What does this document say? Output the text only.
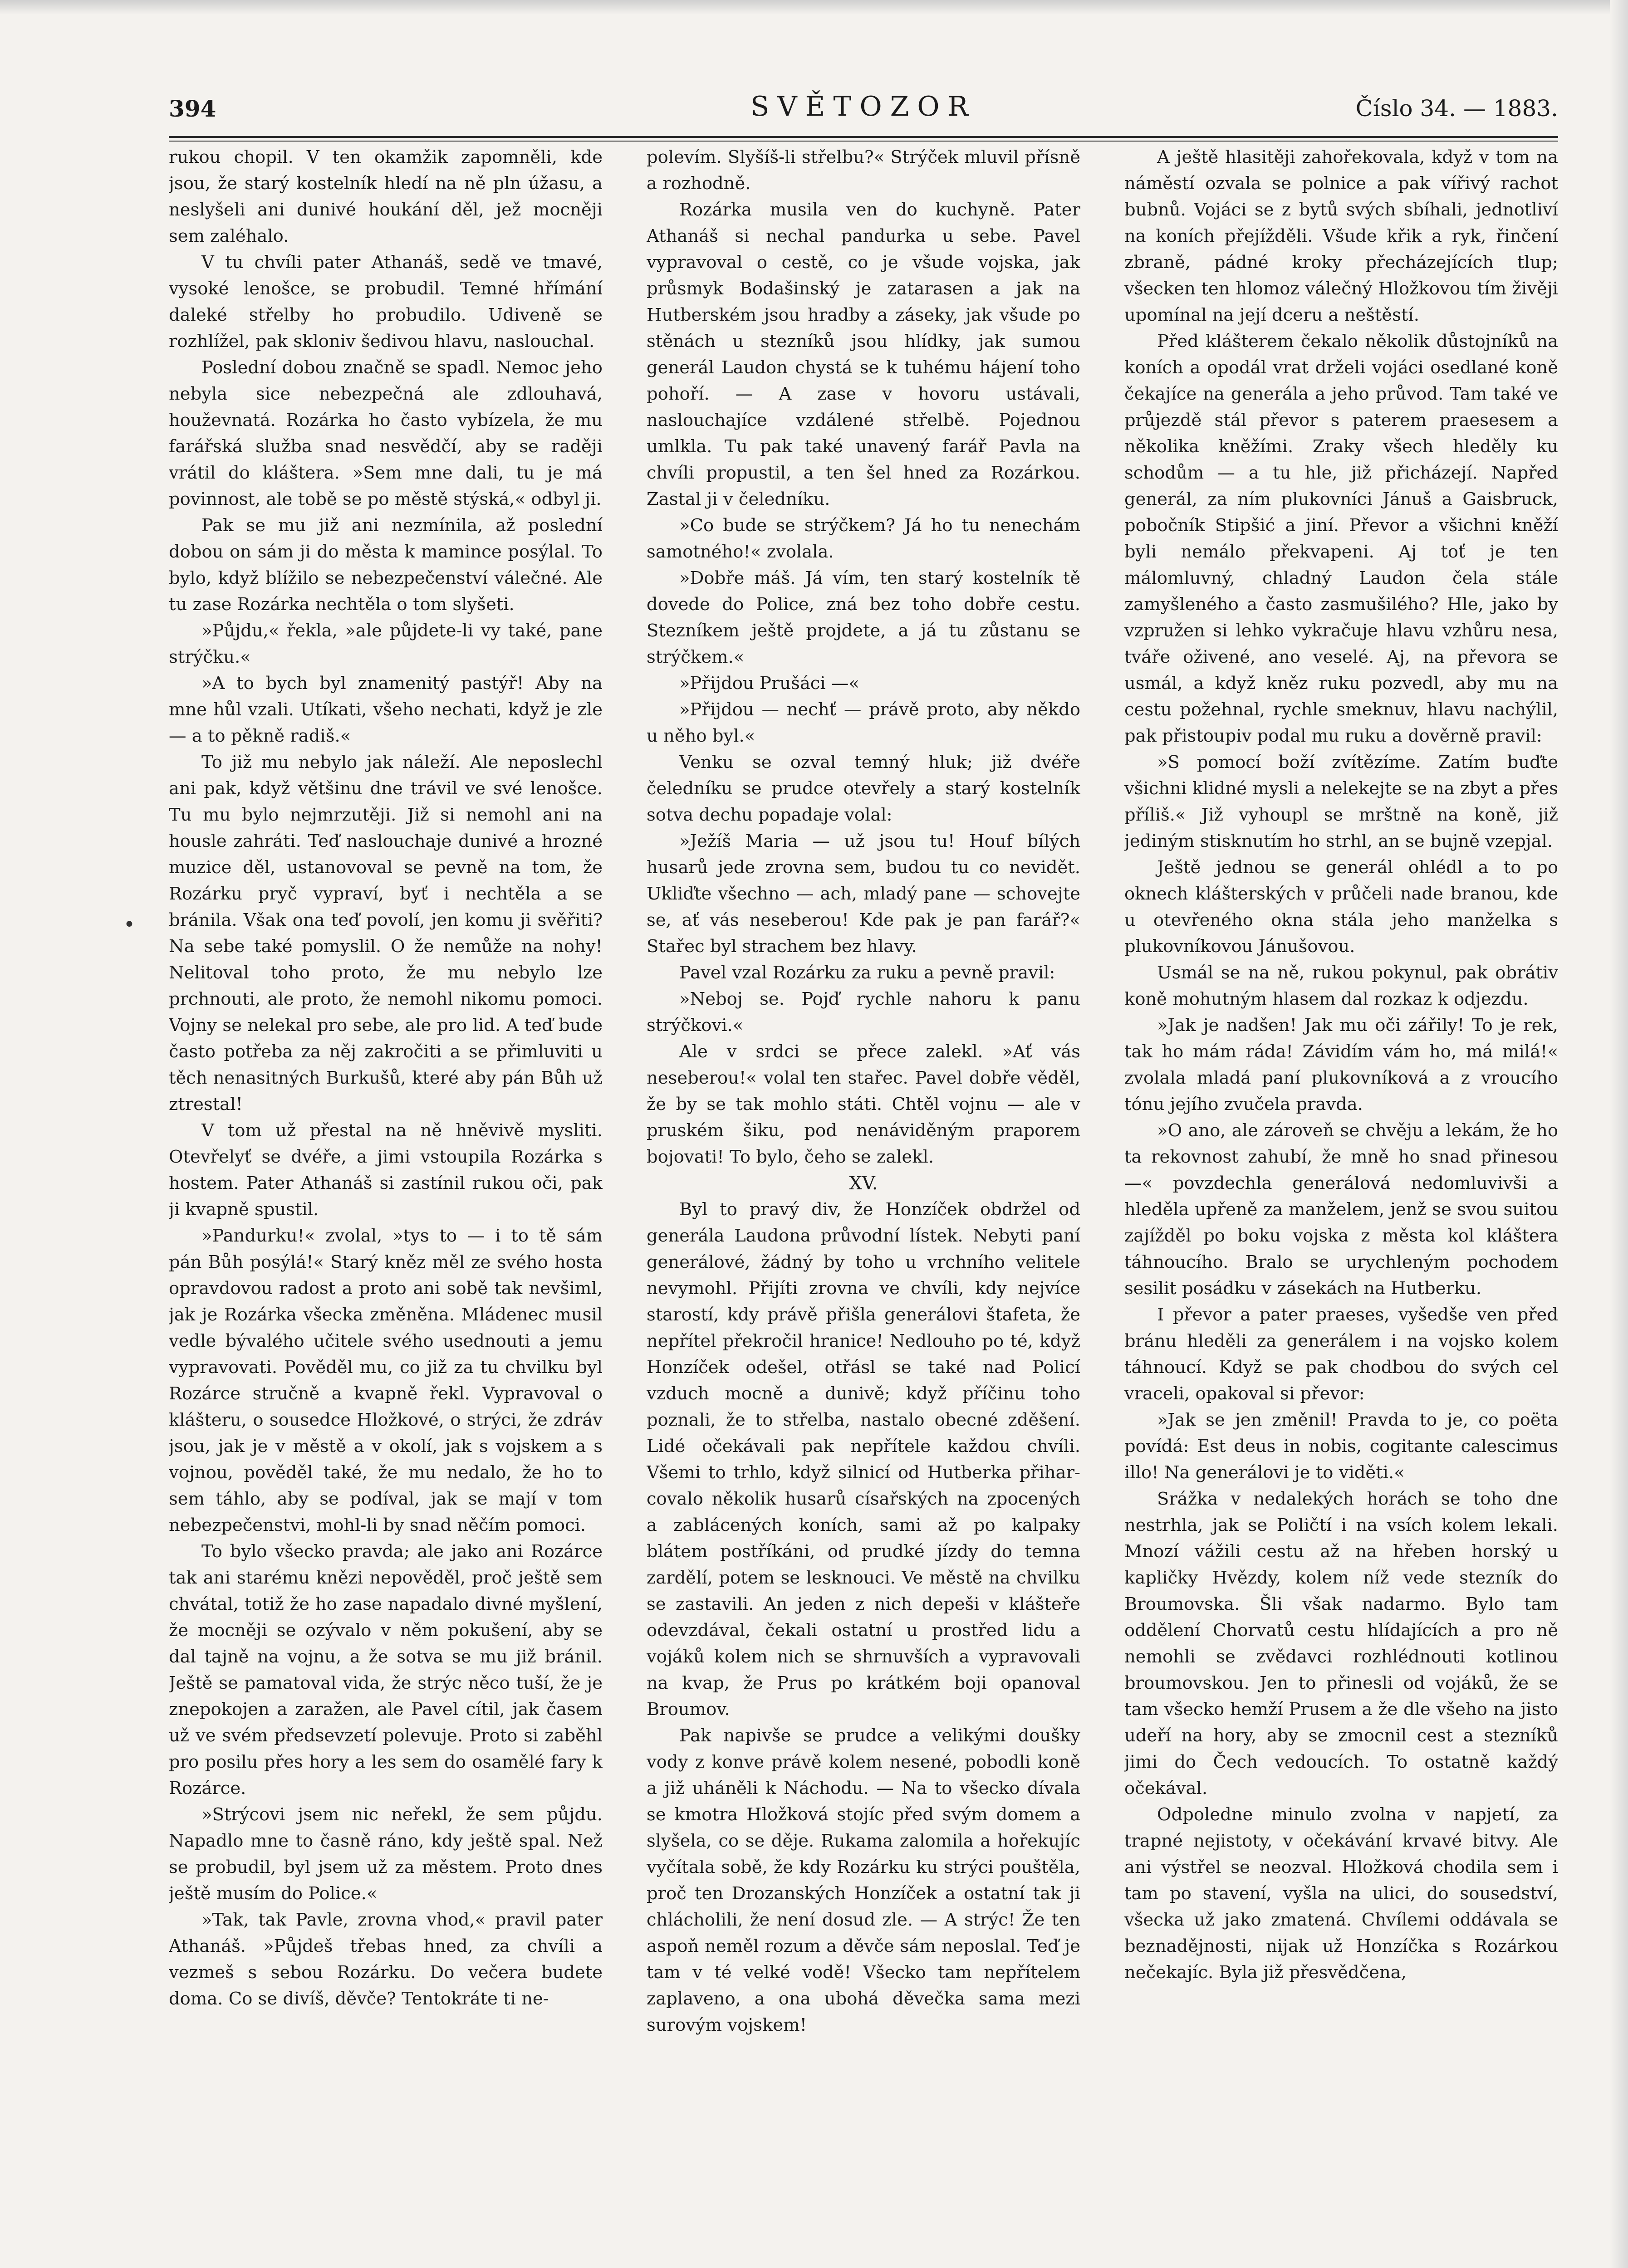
394	SVĚTOZOR	Číslo 34. — 1883.
•

rukou chopil. V ten okamžik zapomněli, kde jsou, že starý kostelník hledí na ně pln úžasu, a neslyšeli ani dunivé houkání děl, jež mocněji sem zaléhalo.

V tu chvíli pater Athanáš, sedě ve tmavé, vysoké lenošce, se probudil. Temné hřímání daleké střelby ho probudilo. Udiveně se rozhlížel, pak skloniv šedivou hlavu, naslouchal.

Poslední dobou značně se spadl. Nemoc jeho nebyla sice nebezpečná ale zdlouhavá, houževnatá. Rozárka ho často vybízela, že mu farářská služba snad nesvědčí, aby se raději vrátil do kláštera. »Sem mne dali, tu je má povinnost, ale tobě se po městě stýská,« odbyl ji.

Pak se mu již ani nezmínila, až poslední dobou on sám ji do města k mamince posýlal. To bylo, když blížilo se nebezpečenství válečné. Ale tu zase Rozárka nechtěla o tom slyšeti.

»Půjdu,« řekla, »ale půjdete-li vy také, pane strýčku.«

»A to bych byl znamenitý pastýř! Aby na mne hůl vzali. Utíkati, všeho nechati, když je zle — a to pěkně radiš.«

To již mu nebylo jak náleží. Ale neposlechl ani pak, když většinu dne trávil ve své lenošce. Tu mu bylo nejmrzutěji. Již si nemohl ani na housle zahráti. Teď naslouchaje dunivé a hrozné muzice děl, ustanovoval se pevně na tom, že Rozárku pryč vypraví, byť i nechtěla a se bránila. Však ona teď povolí, jen komu ji svěřiti? Na sebe také pomyslil. O že nemůže na nohy! Nelitoval toho proto, že mu nebylo lze prchnouti, ale proto, že nemohl nikomu pomoci. Vojny se nelekal pro sebe, ale pro lid. A teď bude často potřeba za něj zakročiti a se přimluviti u těch nenasitných Burkušů, které aby pán Bůh už ztrestal!

V tom už přestal na ně hněvivě mysliti. Otevřelyť se dvéře, a jimi vstoupila Rozárka s hostem. Pater Athanáš si zastínil rukou oči, pak ji kvapně spustil.

»Pandurku!« zvolal, »tys to — i to tě sám pán Bůh posýlá!« Starý kněz měl ze svého hosta opravdovou radost a proto ani sobě tak nevšiml, jak je Rozárka všecka změněna. Mládenec musil vedle bývalého učitele svého usednouti a jemu vypravovati. Pověděl mu, co již za tu chvilku byl Rozárce stručně a kvapně řekl. Vypravoval o klášteru, o sousedce Hložkové, o strýci, že zdráv jsou, jak je v městě a v okolí, jak s vojskem a s vojnou, pověděl také, že mu nedalo, že ho to sem táhlo, aby se podíval, jak se mají v tom nebezpečenstvi, mohl-li by snad něčím pomoci.

To bylo všecko pravda; ale jako ani Rozárce tak ani starému knězi nepověděl, proč ještě sem chvátal, totiž že ho zase napadalo divné myšlení, že mocněji se ozývalo v něm pokušení, aby se dal tajně na vojnu, a že sotva se mu již bránil. Ještě se pamatoval vida, že strýc něco tuší, že je znepokojen a zaražen, ale Pavel cítil, jak časem už ve svém předsevzetí polevuje. Proto si zaběhl pro posilu přes hory a les sem do osamělé fary k Rozárce.

»Strýcovi jsem nic neřekl, že sem půjdu. Napadlo mne to časně ráno, kdy ještě spal. Než se probudil, byl jsem už za městem. Proto dnes ještě musím do Police.«

»Tak, tak Pavle, zrovna vhod,« pravil pater Athanáš. »Půjdeš třebas hned, za chvíli a vezmeš s sebou Rozárku. Do večera budete doma. Co se divíš, děvče? Tentokráte ti ne-

polevím. Slyšíš-li střelbu?« Strýček mluvil přísně a rozhodně.

Rozárka musila ven do kuchyně. Pater Athanáš si nechal pandurka u sebe. Pavel vypravoval o cestě, co je všude vojska, jak průsmyk Bodašinský je zatarasen a jak na Hutberském jsou hradby a záseky, jak všude po stěnách u stezníků jsou hlídky, jak sumou generál Laudon chystá se k tuhému hájení toho pohoří. — A zase v hovoru ustávali, naslouchajíce vzdálené střelbě. Pojednou umlkla. Tu pak také unavený farář Pavla na chvíli propustil, a ten šel hned za Rozárkou. Zastal ji v čeledníku.

»Co bude se strýčkem? Já ho tu nenechám samotného!« zvolala.

»Dobře máš. Já vím, ten starý kostelník tě dovede do Police, zná bez toho dobře cestu. Stezníkem ještě projdete, a já tu zůstanu se strýčkem.«

»Přijdou Prušáci —«

»Přijdou — nechť — právě proto, aby někdo u něho byl.«

Venku se ozval temný hluk; již dvéře čeledníku se prudce otevřely a starý kostelník sotva dechu popadaje volal:

»Ježíš Maria — už jsou tu! Houf bílých husarů jede zrovna sem, budou tu co nevidět. Ukliďte všechno — ach, mladý pane — schovejte se, ať vás neseberou! Kde pak je pan farář?« Stařec byl strachem bez hlavy.

Pavel vzal Rozárku za ruku a pevně pravil:

»Neboj se. Pojď rychle nahoru k panu strýčkovi.«

Ale v srdci se přece zalekl. »Ať vás neseberou!« volal ten stařec. Pavel dobře věděl, že by se tak mohlo státi. Chtěl vojnu — ale v pruském šiku, pod nenáviděným praporem bojovati! To bylo, čeho se zalekl.

XV.

Byl to pravý div, že Honzíček obdržel od generála Laudona průvodní lístek. Nebyti paní generálové, žádný by toho u vrchního velitele nevymohl. Přijíti zrovna ve chvíli, kdy nejvíce starostí, kdy právě přišla generálovi štafeta, že nepřítel překročil hranice! Nedlouho po té, když Honzíček odešel, otřásl se také nad Policí vzduch mocně a dunivě; když příčinu toho poznali, že to střelba, nastalo obecné zděšení. Lidé očekávali pak nepřítele každou chvíli. Všemi to trhlo, když silnicí od Hutberka přiharcovalo několik husarů císařských na zpocených a zablácených koních, sami až po kalpaky blátem postříkáni, od prudké jízdy do temna zardělí, potem se lesknouci. Ve městě na chvilku se zastavili. An jeden z nich depeši v klášteře odevzdával, čekali ostatní u prostřed lidu a vojáků kolem nich se shrnuvších a vypravovali na kvap, že Prus po krátkém boji opanoval Broumov.

Pak napivše se prudce a velikými doušky vody z konve právě kolem nesené, pobodli koně a již uháněli k Náchodu. — Na to všecko dívala se kmotra Hložková stojíc před svým domem a slyšela, co se děje. Rukama zalomila a hořekujíc vyčítala sobě, že kdy Rozárku ku strýci pouštěla, proč ten Drozanských Honzíček a ostatní tak ji chlácholili, že není dosud zle. — A strýc! Že ten aspoň neměl rozum a děvče sám neposlal. Teď je tam v té velké vodě! Všecko tam nepřítelem zaplaveno, a ona ubohá děvečka sama mezi surovým vojskem!

A ještě hlasitěji zahořekovala, když v tom na náměstí ozvala se polnice a pak vířivý rachot bubnů. Vojáci se z bytů svých sbíhali, jednotliví na koních přejížděli. Všude křik a ryk, řinčení zbraně, pádné kroky přecházejících tlup; všecken ten hlomoz válečný Hložkovou tím živěji upomínal na její dceru a neštěstí.

Před klášterem čekalo několik důstojníků na koních a opodál vrat drželi vojáci osedlané koně čekajíce na generála a jeho průvod. Tam také ve průjezdě stál převor s paterem praesesem a několika kněžími. Zraky všech hleděly ku schodům — a tu hle, již přicházejí. Napřed generál, za ním plukovníci Jánuš a Gaisbruck, pobočník Stipšić a jiní. Převor a všichni kněží byli nemálo překvapeni. Aj toť je ten málomluvný, chladný Laudon čela stále zamyšleného a často zasmušilého? Hle, jako by vzpružen si lehko vykračuje hlavu vzhůru nesa, tváře oživené, ano veselé. Aj, na převora se usmál, a když kněz ruku pozvedl, aby mu na cestu požehnal, rychle smeknuv, hlavu nachýlil, pak přistoupiv podal mu ruku a dověrně pravil:

»S pomocí boží zvítězíme. Zatím buďte všichni klidné mysli a nelekejte se na zbyt a přes příliš.« Již vyhoupl se mrštně na koně, již jediným stisknutím ho strhl, an se bujně vzepjal.

Ještě jednou se generál ohlédl a to po oknech klášterských v průčeli nade branou, kde u otevřeného okna stála jeho manželka s plukovníkovou Jánušovou.

Usmál se na ně, rukou pokynul, pak obrátiv koně mohutným hlasem dal rozkaz k odjezdu.

»Jak je nadšen! Jak mu oči zářily! To je rek, tak ho mám ráda! Závidím vám ho, má milá!« zvolala mladá paní plukovníková a z vroucího tónu jejího zvučela pravda.

»O ano, ale zároveň se chvěju a lekám, že ho ta rekovnost zahubí, že mně ho snad přinesou —« povzdechla generálová nedomluvivši a hleděla upřeně za manželem, jenž se svou suitou zajížděl po boku vojska z města kol kláštera táhnoucího. Bralo se urychleným pochodem sesilit posádku v zásekách na Hutberku.

I převor a pater praeses, vyšedše ven před bránu hleděli za generálem i na vojsko kolem táhnoucí. Když se pak chodbou do svých cel vraceli, opakoval si převor:

»Jak se jen změnil! Pravda to je, co poëta povídá: Est deus in nobis, cogitante calescimus illo! Na generálovi je to viděti.«

Srážka v nedalekých horách se toho dne nestrhla, jak se Poličtí i na vsích kolem lekali. Mnozí vážili cestu až na hřeben horský u kapličky Hvězdy, kolem níž vede stezník do Broumovska. Šli však nadarmo. Bylo tam oddělení Chorvatů cestu hlídajících a pro ně nemohli se zvědavci rozhlédnouti kotlinou broumovskou. Jen to přinesli od vojáků, že se tam všecko hemží Prusem a že dle všeho na jisto udeří na hory, aby se zmocnil cest a stezníků jimi do Čech vedoucích. To ostatně každý očekával.

Odpoledne minulo zvolna v napjetí, za trapné nejistoty, v očekávání krvavé bitvy. Ale ani výstřel se neozval. Hložková chodila sem i tam po stavení, vyšla na ulici, do sousedství, všecka už jako zmatená. Chvílemi oddávala se beznadějnosti, nijak už Honzíčka s Rozárkou nečekajíc. Byla již přesvědčena,
